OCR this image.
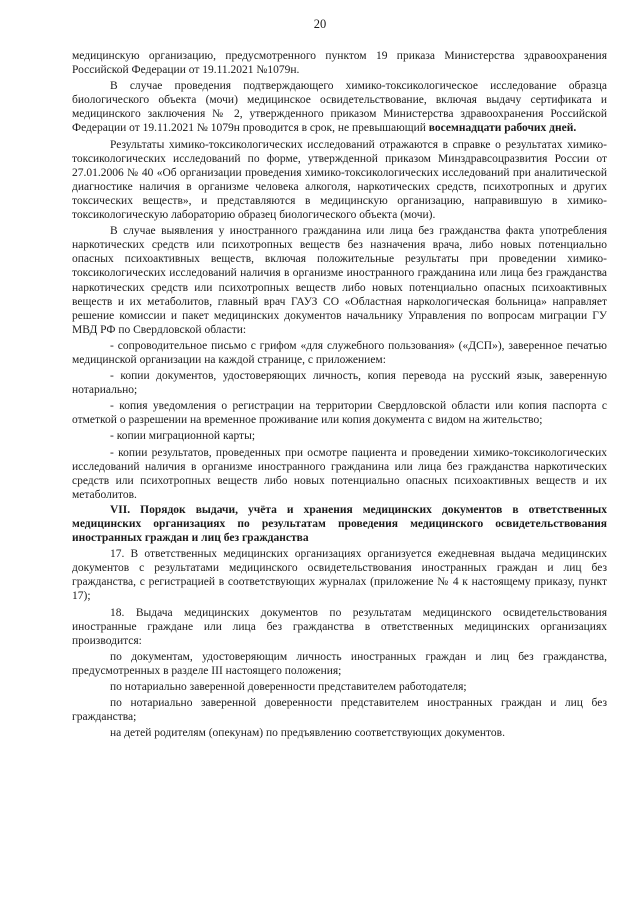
20

медицинскую организацию, предусмотренного пунктом 19 приказа Министерства здравоохранения Российской Федерации от 19.11.2021 №1079н.

В случае проведения подтверждающего химико-токсикологическое исследование образца биологического объекта (мочи) медицинское освидетельствование, включая выдачу сертификата и медицинского заключения № 2, утвержденного приказом Министерства здравоохранения Российской Федерации от 19.11.2021 № 1079н проводится в срок, не превышающий восемнадцати рабочих дней.

Результаты химико-токсикологических исследований отражаются в справке о результатах химико-токсикологических исследований по форме, утвержденной приказом Минздравсоцразвития России от 27.01.2006 № 40 «Об организации проведения химико-токсикологических исследований при аналитической диагностике наличия в организме человека алкоголя, наркотических средств, психотропных и других токсических веществ», и представляются в медицинскую организацию, направившую в химико-токсикологическую лабораторию образец биологического объекта (мочи).

В случае выявления у иностранного гражданина или лица без гражданства факта употребления наркотических средств или психотропных веществ без назначения врача, либо новых потенциально опасных психоактивных веществ, включая положительные результаты при проведении химико-токсикологических исследований наличия в организме иностранного гражданина или лица без гражданства наркотических средств или психотропных веществ либо новых потенциально опасных психоактивных веществ и их метаболитов, главный врач ГАУЗ СО «Областная наркологическая больница» направляет решение комиссии и пакет медицинских документов начальнику Управления по вопросам миграции ГУ МВД РФ по Свердловской области:

- сопроводительное письмо с грифом «для служебного пользования» («ДСП»), заверенное печатью медицинской организации на каждой странице, с приложением:

- копии документов, удостоверяющих личность, копия перевода на русский язык, заверенную нотариально;

- копия уведомления о регистрации на территории Свердловской области или копия паспорта с отметкой о разрешении на временное проживание или копия документа с видом на жительство;

- копии миграционной карты;

- копии результатов, проведенных при осмотре пациента и проведении химико-токсикологических исследований наличия в организме иностранного гражданина или лица без гражданства наркотических средств или психотропных веществ либо новых потенциально опасных психоактивных веществ и их метаболитов.

VII. Порядок выдачи, учёта и хранения медицинских документов в ответственных медицинских организациях по результатам проведения медицинского освидетельствования иностранных граждан и лиц без гражданства

17. В ответственных медицинских организациях организуется ежедневная выдача медицинских документов с результатами медицинского освидетельствования иностранных граждан и лиц без гражданства, с регистрацией в соответствующих журналах (приложение № 4 к настоящему приказу, пункт 17);

18. Выдача медицинских документов по результатам медицинского освидетельствования иностранные граждане или лица без гражданства в ответственных медицинских организациях производится:

по документам, удостоверяющим личность иностранных граждан и лиц без гражданства, предусмотренных в разделе III настоящего положения;

по нотариально заверенной доверенности представителем работодателя;

по нотариально заверенной доверенности представителем иностранных граждан и лиц без гражданства;

на детей родителям (опекунам) по предъявлению соответствующих документов.
